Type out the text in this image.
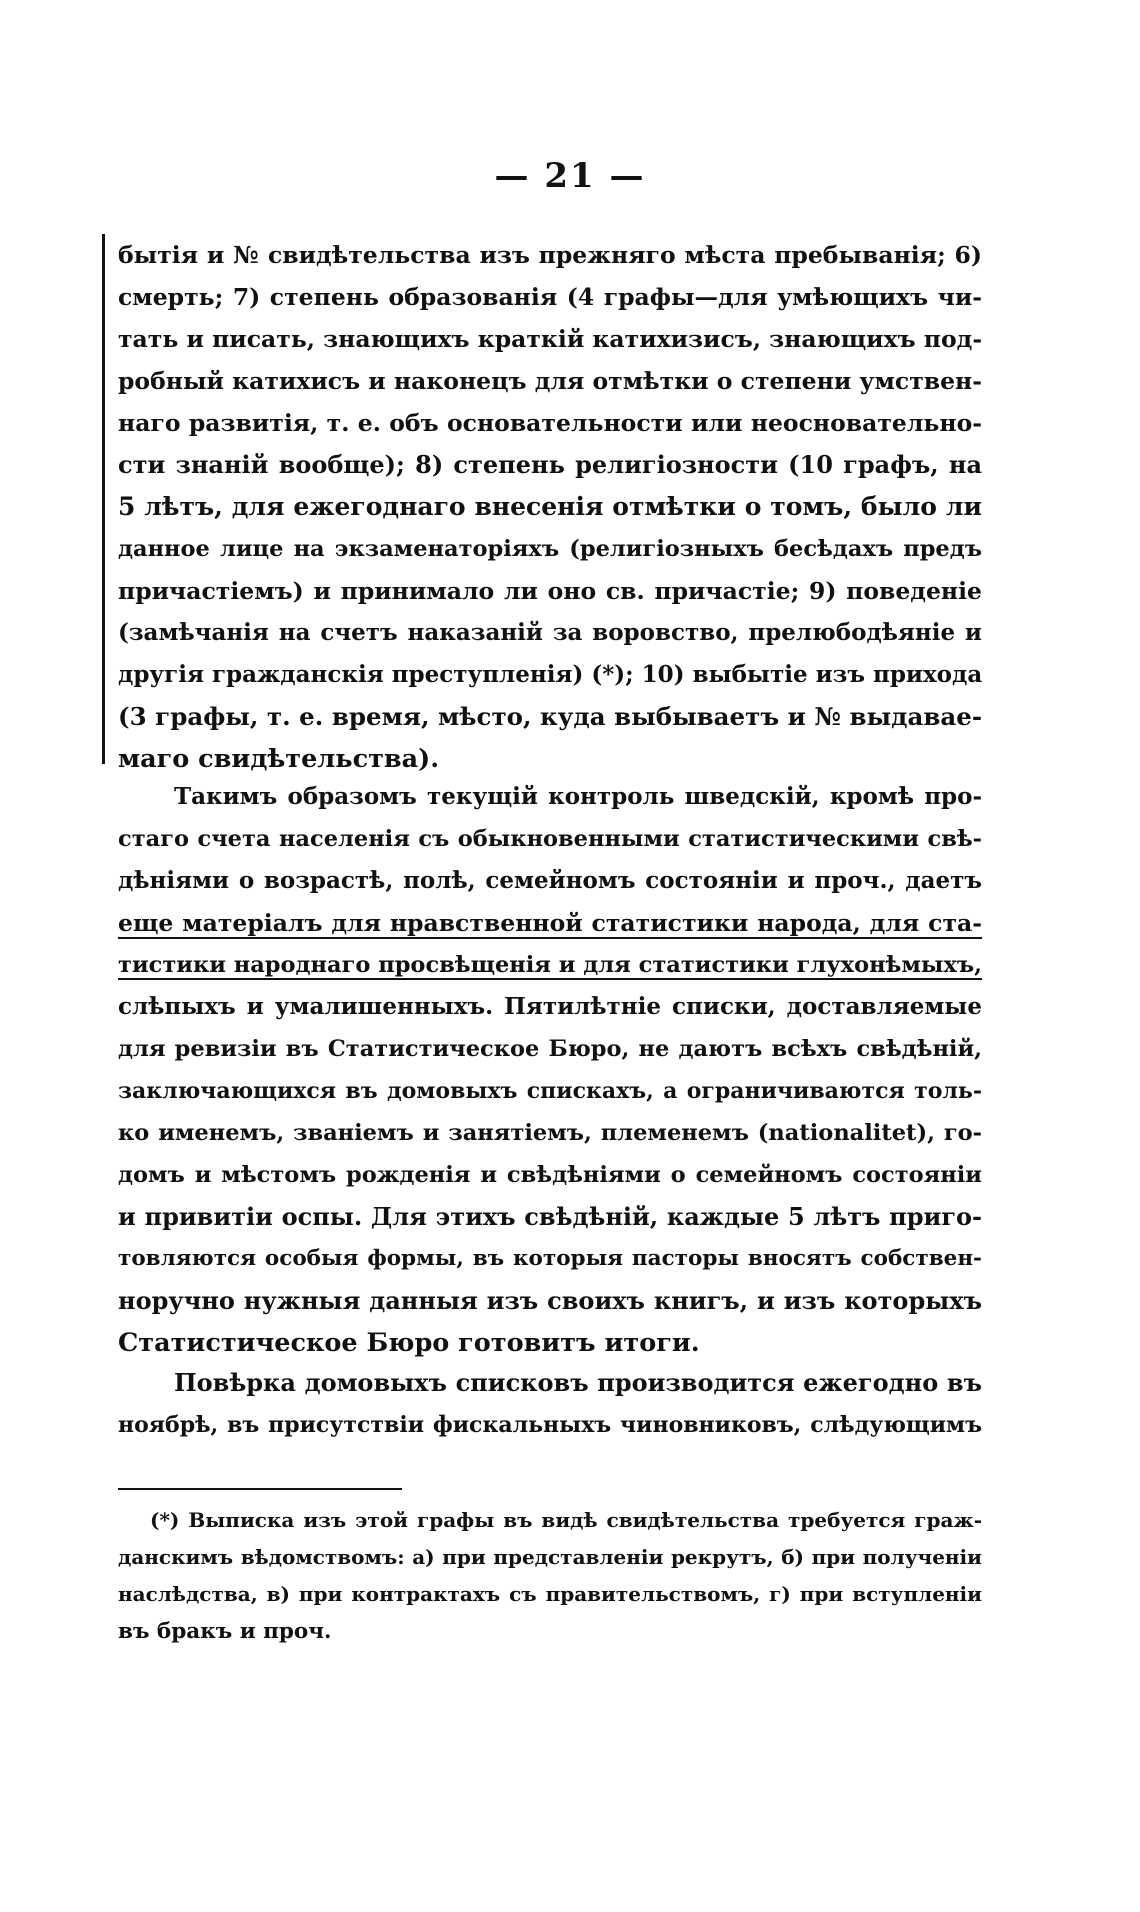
— 21 —
бытія и № свидѣтельства изъ прежняго мѣста пребыванія; 6)
смерть; 7) степень образованія (4 графы—для умѣющихъ чи-
тать и писать, знающихъ краткій катихизисъ, знающихъ под-
робный катихисъ и наконецъ для отмѣтки о степени умствен-
наго развитія, т. е. объ основательности или неосновательно-
сти знаній вообще); 8) степень религіозности (10 графъ, на
5 лѣтъ, для ежегоднаго внесенія отмѣтки о томъ, было ли
данное лице на экзаменаторіяхъ (религіозныхъ бесѣдахъ предъ
причастіемъ) и принимало ли оно св. причастіе; 9) поведеніе
(замѣчанія на счетъ наказаній за воровство, прелюбодѣяніе и
другія гражданскія преступленія) (*); 10) выбытіе изъ прихода
(3 графы, т. е. время, мѣсто, куда выбываетъ и № выдавае-
маго свидѣтельства).
Такимъ образомъ текущій контроль шведскій, кромѣ про-
стаго счета населенія съ обыкновенными статистическими свѣ-
дѣніями о возрастѣ, полѣ, семейномъ состояніи и проч., даетъ
еще матеріалъ для нравственной статистики народа, для ста-
тистики народнаго просвѣщенія и для статистики глухонѣмыхъ,
слѣпыхъ и умалишенныхъ. Пятилѣтніе списки, доставляемые
для ревизіи въ Статистическое Бюро, не даютъ всѣхъ свѣдѣній,
заключающихся въ домовыхъ спискахъ, а ограничиваются толь-
ко именемъ, званіемъ и занятіемъ, племенемъ (nationalitet), го-
домъ и мѣстомъ рожденія и свѣдѣніями о семейномъ состояніи
и привитіи оспы. Для этихъ свѣдѣній, каждые 5 лѣтъ приго-
товляются особыя формы, въ которыя пасторы вносятъ собствен-
норучно нужныя данныя изъ своихъ книгъ, и изъ которыхъ
Статистическое Бюро готовитъ итоги.
Повѣрка домовыхъ списковъ производится ежегодно въ
ноябрѣ, въ присутствіи фискальныхъ чиновниковъ, слѣдующимъ
(*) Выписка изъ этой графы въ видѣ свидѣтельства требуется граж-
данскимъ вѣдомствомъ: а) при представленіи рекрутъ, б) при полученіи
наслѣдства, в) при контрактахъ съ правительствомъ, г) при вступленіи
въ бракъ и проч.
